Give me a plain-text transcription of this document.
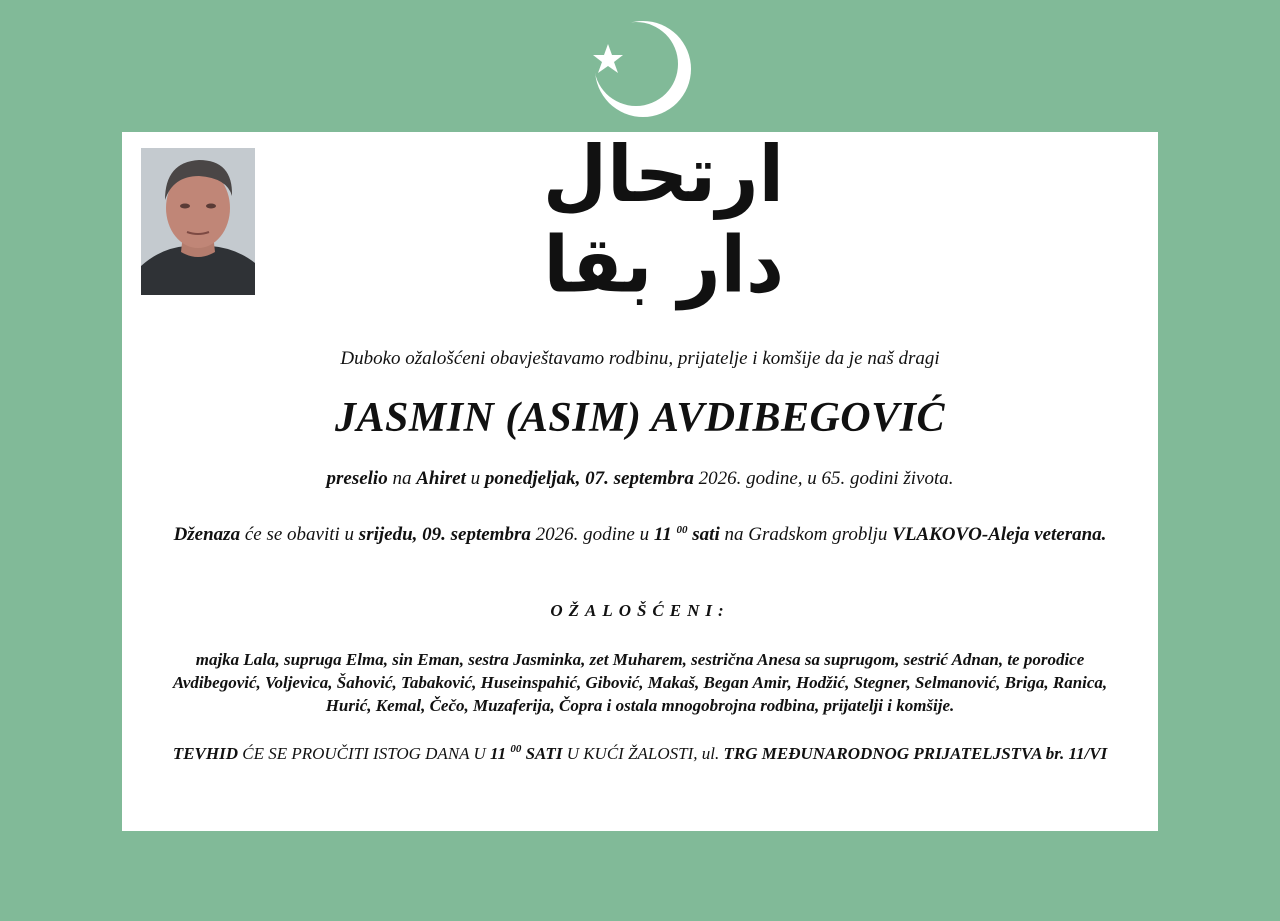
ارتحال دار بقا
Duboko ožalošćeni obavještavamo rodbinu, prijatelje i komšije da je naš dragi
JASMIN (ASIM) AVDIBEGOVIĆ
preselio na Ahiret u ponedjeljak, 07. septembra 2026. godine, u 65. godini života.
Dženaza će se obaviti u srijedu, 09. septembra 2026. godine u 11 $^{00}$ sati na Gradskom groblju VLAKOVO-Aleja veterana.
OŽALOŠĆENI:
majka Lala, supruga Elma, sin Eman, sestra Jasminka, zet Muharem, sestrična Anesa sa suprugom, sestrić Adnan, te porodice Avdibegović, Voljevica, Šahović, Tabaković, Huseinspahić, Gibović, Makaš, Began Amir, Hodžić, Stegner, Selmanović, Briga, Ranica, Hurić, Kemal, Čečo, Muzaferija, Čopra i ostala mnogobrojna rodbina, prijatelji i komšije.
TEVHID ĆE SE PROUČITI ISTOG DANA U 11 $^{00}$ SATI U KUĆI ŽALOSTI, ul. TRG MEĐUNARODNOG PRIJATELJSTVA br. 11/VI
